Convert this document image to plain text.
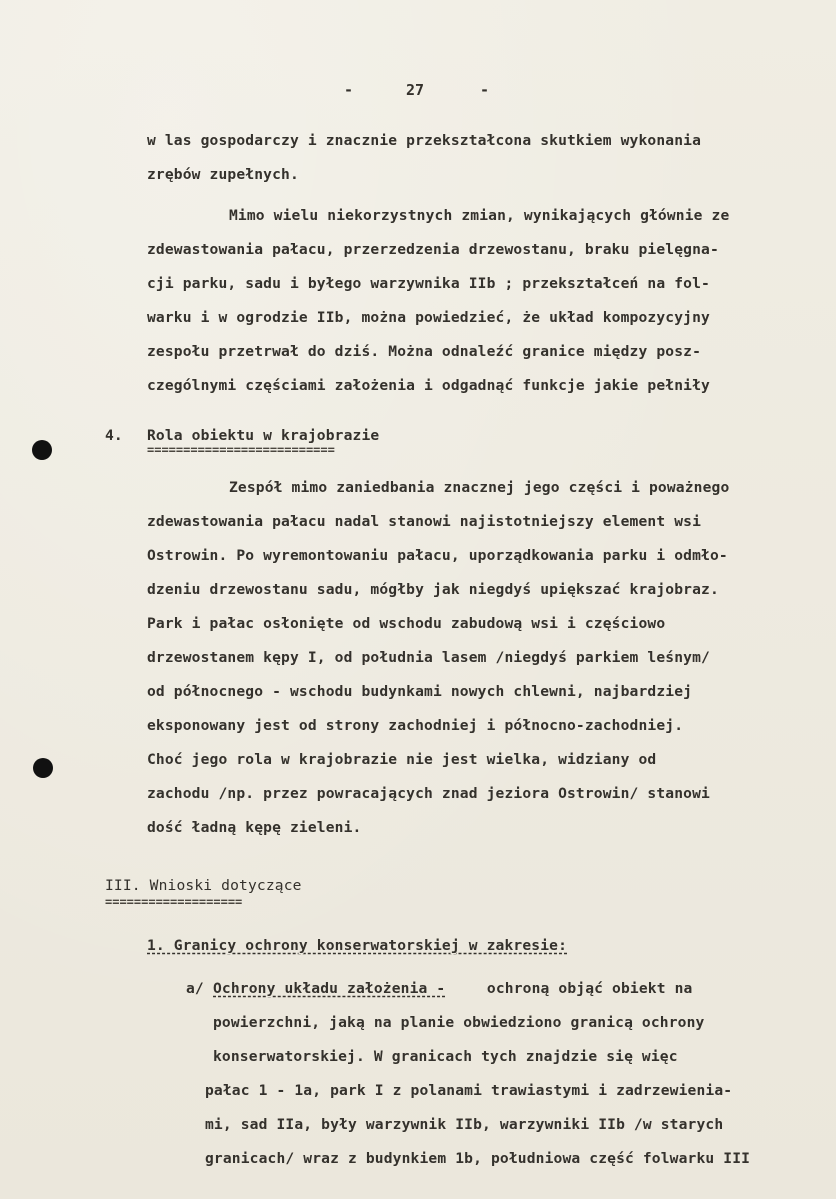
-	27	-
w las gospodarczy i znacznie przekształcona skutkiem wykonania
zrębów zupełnych.
Mimo wielu niekorzystnych zmian, wynikających głównie ze
zdewastowania pałacu, przerzedzenia drzewostanu, braku pielęgna-
cji parku, sadu i byłego warzywnika IIb ; przekształceń na fol-
warku i w ogrodzie IIb, można powiedzieć, że układ kompozycyjny
zespołu przetrwał do dziś. Można odnaleźć granice między posz-
czególnymi częściami założenia i odgadnąć funkcje jakie pełniły
4. Rola obiektu w krajobrazie
==========================
Zespół mimo zaniedbania znacznej jego części i poważnego
zdewastowania pałacu nadal stanowi najistotniejszy element wsi
Ostrowin. Po wyremontowaniu pałacu, uporządkowania parku i odmło-
dzeniu drzewostanu sadu, mógłby jak niegdyś upiększać krajobraz.
Park i pałac osłonięte od wschodu zabudową wsi i częściowo
drzewostanem kępy I, od południa lasem /niegdyś parkiem leśnym/
od północnego - wschodu budynkami nowych chlewni, najbardziej
eksponowany jest od strony zachodniej i północno-zachodniej.
Choć jego rola w krajobrazie nie jest wielka, widziany od
zachodu /np. przez powracających znad jeziora Ostrowin/ stanowi
dość ładną kępę zieleni.
III. Wnioski dotyczące
===================
1. Granicy ochrony konserwatorskiej w zakresie:
a/ Ochrony układu założenia - ochroną objąć obiekt na
powierzchni, jaką na planie obwiedziono granicą ochrony
konserwatorskiej. W granicach tych znajdzie się więc
pałac 1 - 1a, park I z polanami trawiastymi i zadrzewienia-
mi, sad IIa, były warzywnik IIb, warzywniki IIb /w starych
granicach/ wraz z budynkiem 1b, południowa część folwarku III
